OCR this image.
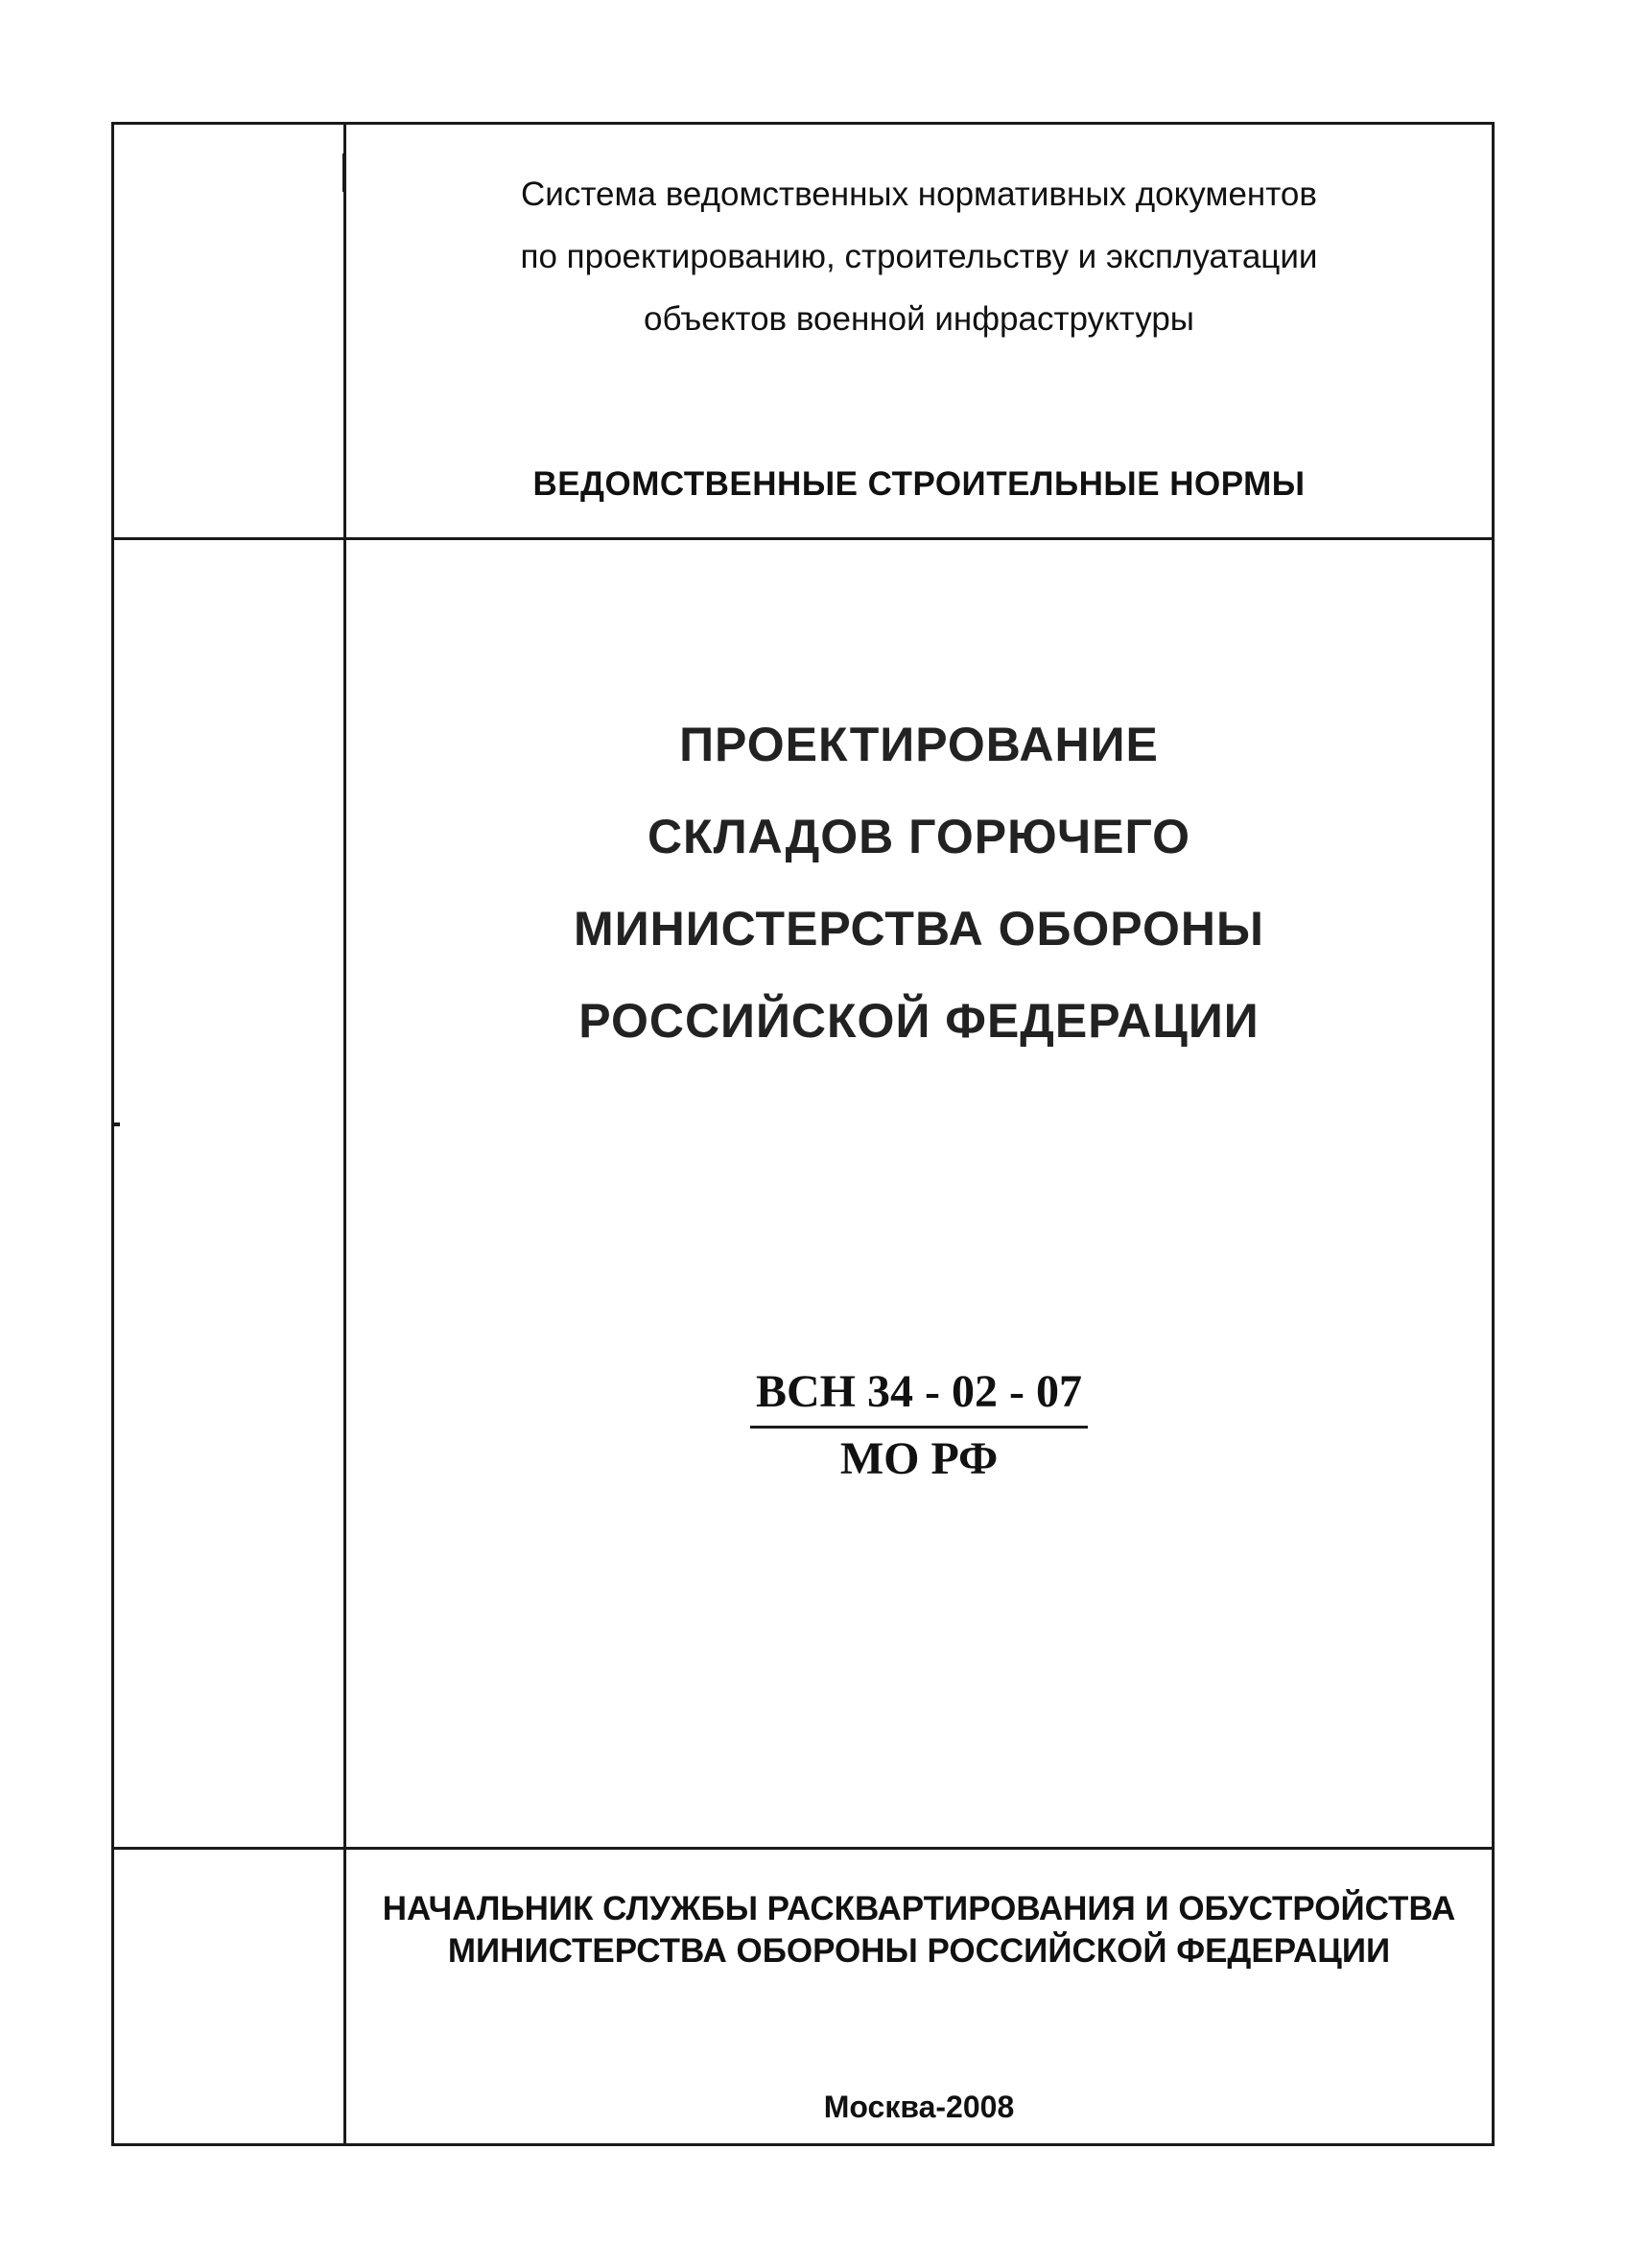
Система ведомственных нормативных документов
по проектированию, строительству и эксплуатации
объектов военной инфраструктуры
ВЕДОМСТВЕННЫЕ СТРОИТЕЛЬНЫЕ НОРМЫ
ПРОЕКТИРОВАНИЕ
СКЛАДОВ ГОРЮЧЕГО
МИНИСТЕРСТВА ОБОРОНЫ
РОССИЙСКОЙ ФЕДЕРАЦИИ
ВСН 34 - 02 - 07
МО РФ
НАЧАЛЬНИК СЛУЖБЫ РАСКВАРТИРОВАНИЯ И ОБУСТРОЙСТВА
МИНИСТЕРСТВА ОБОРОНЫ РОССИЙСКОЙ ФЕДЕРАЦИИ
Москва-2008
